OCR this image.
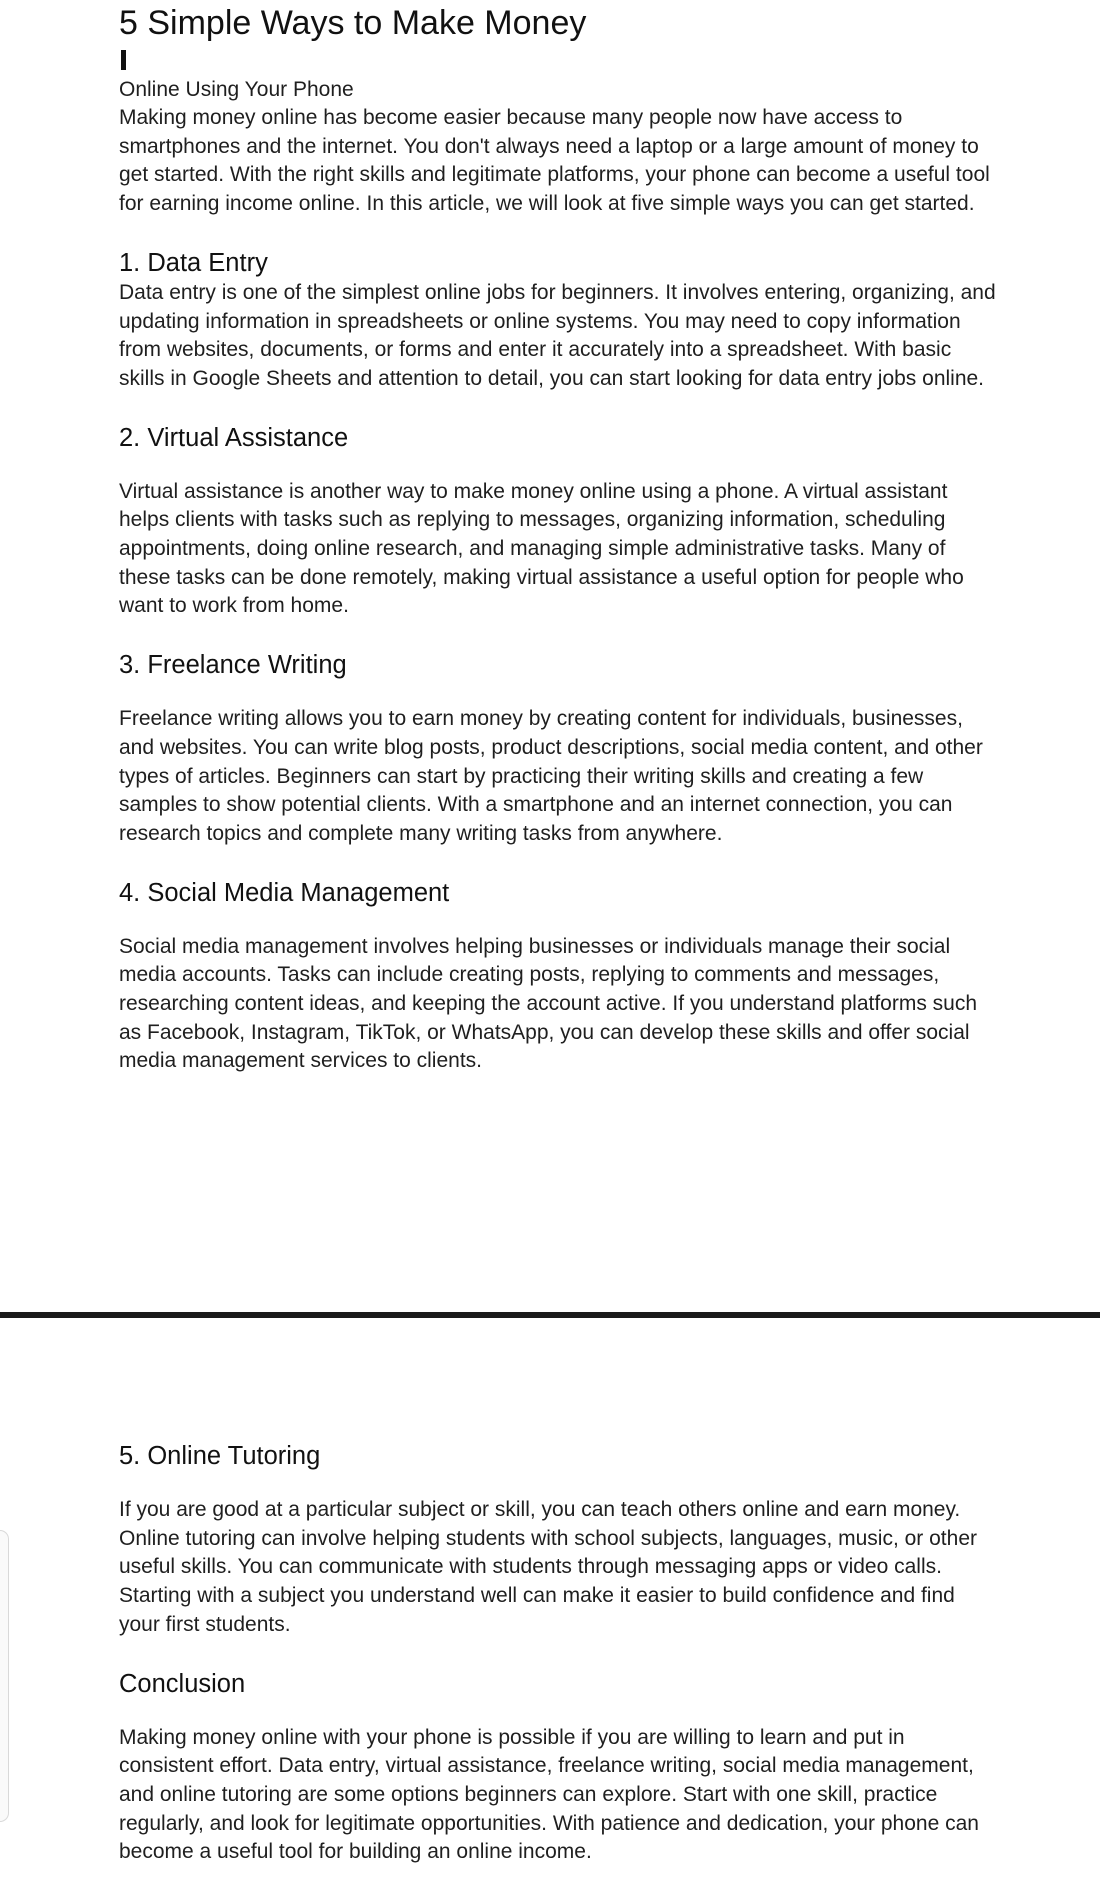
5 Simple Ways to Make Money

Online Using Your Phone

Making money online has become easier because many people now have access to smartphones and the internet. You don't always need a laptop or a large amount of money to get started. With the right skills and legitimate platforms, your phone can become a useful tool for earning income online. In this article, we will look at five simple ways you can get started.

1. Data Entry

Data entry is one of the simplest online jobs for beginners. It involves entering, organizing, and updating information in spreadsheets or online systems. You may need to copy information from websites, documents, or forms and enter it accurately into a spreadsheet. With basic skills in Google Sheets and attention to detail, you can start looking for data entry jobs online.

2. Virtual Assistance

Virtual assistance is another way to make money online using a phone. A virtual assistant helps clients with tasks such as replying to messages, organizing information, scheduling appointments, doing online research, and managing simple administrative tasks. Many of these tasks can be done remotely, making virtual assistance a useful option for people who want to work from home.

3. Freelance Writing

Freelance writing allows you to earn money by creating content for individuals, businesses, and websites. You can write blog posts, product descriptions, social media content, and other types of articles. Beginners can start by practicing their writing skills and creating a few samples to show potential clients. With a smartphone and an internet connection, you can research topics and complete many writing tasks from anywhere.

4. Social Media Management

Social media management involves helping businesses or individuals manage their social media accounts. Tasks can include creating posts, replying to comments and messages, researching content ideas, and keeping the account active. If you understand platforms such as Facebook, Instagram, TikTok, or WhatsApp, you can develop these skills and offer social media management services to clients.

5. Online Tutoring

If you are good at a particular subject or skill, you can teach others online and earn money. Online tutoring can involve helping students with school subjects, languages, music, or other useful skills. You can communicate with students through messaging apps or video calls. Starting with a subject you understand well can make it easier to build confidence and find your first students.

Conclusion

Making money online with your phone is possible if you are willing to learn and put in consistent effort. Data entry, virtual assistance, freelance writing, social media management, and online tutoring are some options beginners can explore. Start with one skill, practice regularly, and look for legitimate opportunities. With patience and dedication, your phone can become a useful tool for building an online income.
